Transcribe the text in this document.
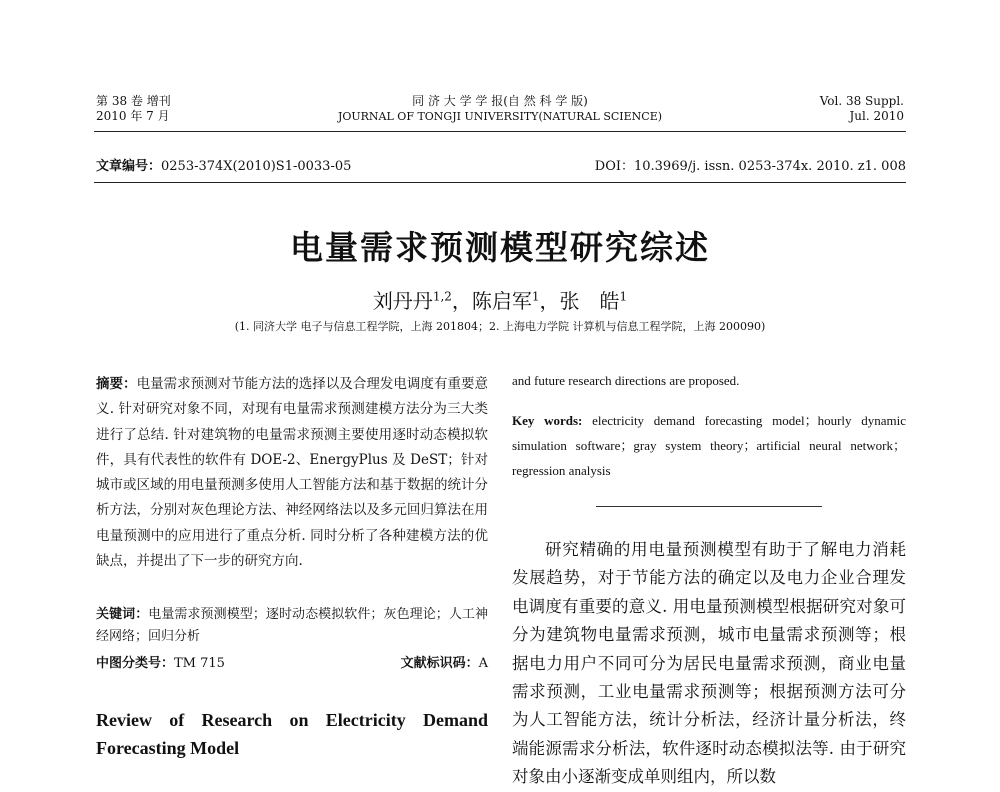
第 38 卷 增刊
2010 年 7 月
同 济 大 学 学 报(自 然 科 学 版)
JOURNAL OF TONGJI UNIVERSITY(NATURAL SCIENCE)
Vol. 38 Suppl.
Jul. 2010
文章编号：0253-374X(2010)S1-0033-05	DOI：10.3969/j. issn. 0253-374x. 2010. z1. 008
电量需求预测模型研究综述
刘丹丹$^{1,2}$，陈启军$^1$，张　皓$^1$
(1. 同济大学 电子与信息工程学院，上海 201804；2. 上海电力学院 计算机与信息工程学院，上海 200090)
摘要：电量需求预测对节能方法的选择以及合理发电调度有重要意义. 针对研究对象不同，对现有电量需求预测建模方法分为三大类进行了总结. 针对建筑物的电量需求预测主要使用逐时动态模拟软件，具有代表性的软件有 DOE-2、EnergyPlus 及 DeST；针对城市或区域的用电量预测多使用人工智能方法和基于数据的统计分析方法，分别对灰色理论方法、神经网络法以及多元回归算法在用电量预测中的应用进行了重点分析. 同时分析了各种建模方法的优缺点，并提出了下一步的研究方向.
关键词：电量需求预测模型；逐时动态模拟软件；灰色理论；人工神经网络；回归分析
中图分类号：TM 715	文献标识码：A
Review of Research on Electricity Demand Forecasting Model
and future research directions are proposed.
Key words: electricity demand forecasting model；hourly dynamic simulation software；gray system theory；artificial neural network；regression analysis
研究精确的用电量预测模型有助于了解电力消耗发展趋势，对于节能方法的确定以及电力企业合理发电调度有重要的意义. 用电量预测模型根据研究对象可分为建筑物电量需求预测，城市电量需求预测等；根据电力用户不同可分为居民电量需求预测，商业电量需求预测，工业电量需求预测等；根据预测方法可分为人工智能方法，统计分析法，经济计量分析法，终端能源需求分析法，软件逐时动态模拟法等. 由于研究对象由小逐渐变成单则组内，所以数
